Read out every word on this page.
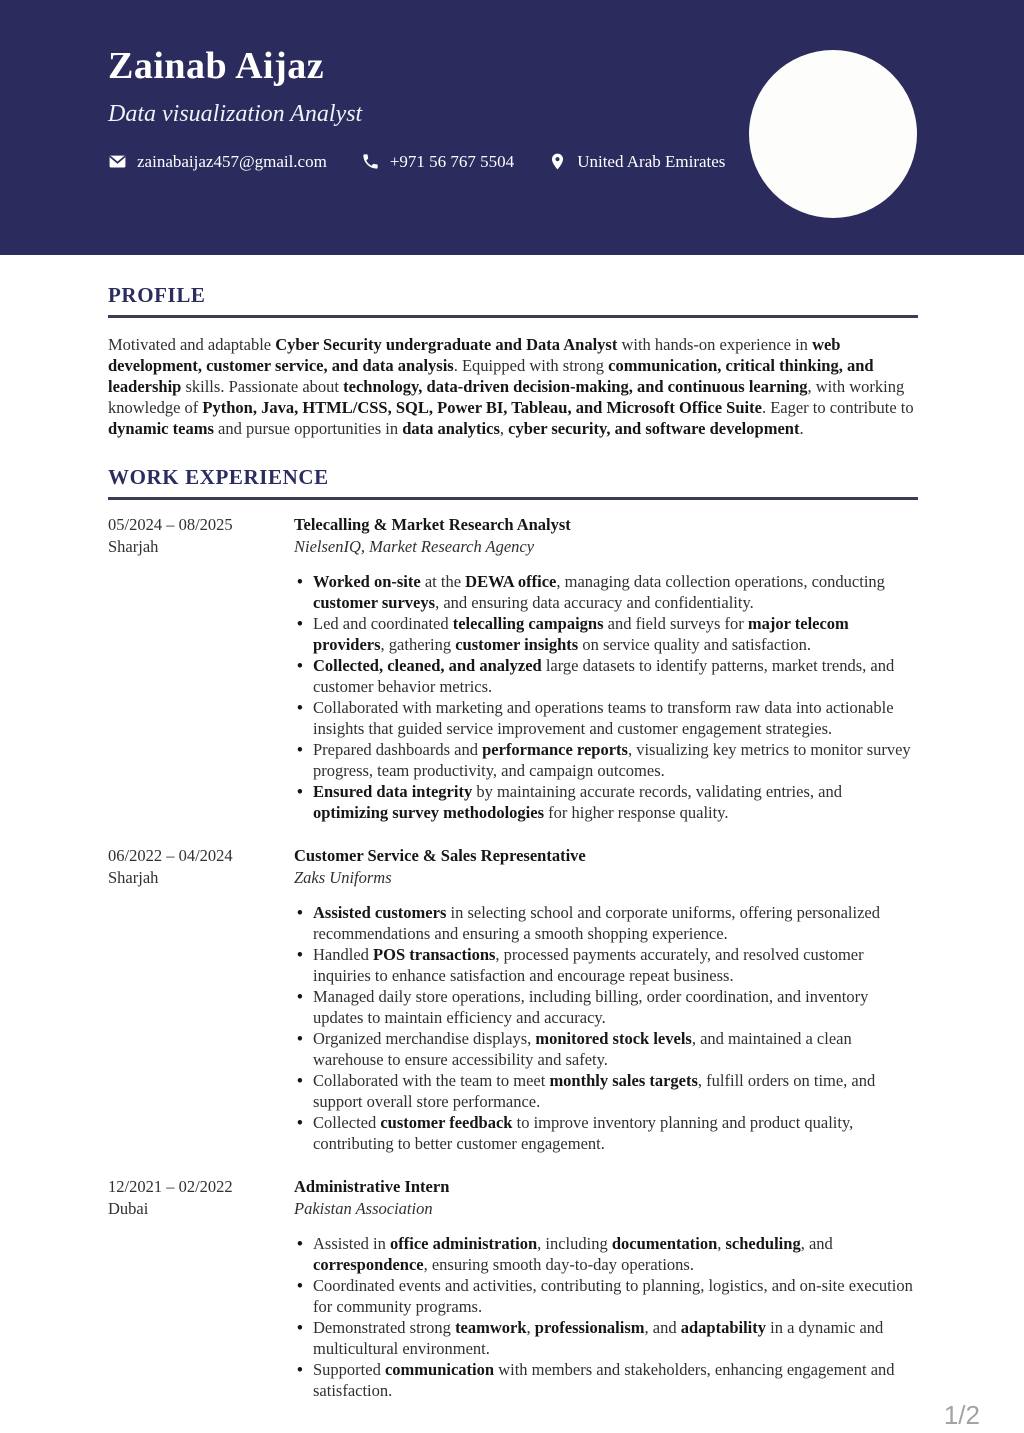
Zainab Aijaz
Data visualization Analyst
zainabaijaz457@gmail.com	+971 56 767 5504	United Arab Emirates
PROFILE

Motivated and adaptable Cyber Security undergraduate and Data Analyst with hands-on experience in web development, customer service, and data analysis. Equipped with strong communication, critical thinking, and leadership skills. Passionate about technology, data-driven decision-making, and continuous learning, with working knowledge of Python, Java, HTML/CSS, SQL, Power BI, Tableau, and Microsoft Office Suite. Eager to contribute to dynamic teams and pursue opportunities in data analytics, cyber security, and software development.

WORK EXPERIENCE
05/2024 – 08/2025
Sharjah
Telecalling & Market Research Analyst
NielsenIQ, Market Research Agency
• Worked on-site at the DEWA office, managing data collection operations, conducting customer surveys, and ensuring data accuracy and confidentiality.
• Led and coordinated telecalling campaigns and field surveys for major telecom providers, gathering customer insights on service quality and satisfaction.
• Collected, cleaned, and analyzed large datasets to identify patterns, market trends, and customer behavior metrics.
• Collaborated with marketing and operations teams to transform raw data into actionable insights that guided service improvement and customer engagement strategies.
• Prepared dashboards and performance reports, visualizing key metrics to monitor survey progress, team productivity, and campaign outcomes.
• Ensured data integrity by maintaining accurate records, validating entries, and optimizing survey methodologies for higher response quality.
06/2022 – 04/2024
Sharjah
Customer Service & Sales Representative
Zaks Uniforms
• Assisted customers in selecting school and corporate uniforms, offering personalized recommendations and ensuring a smooth shopping experience.
• Handled POS transactions, processed payments accurately, and resolved customer inquiries to enhance satisfaction and encourage repeat business.
• Managed daily store operations, including billing, order coordination, and inventory updates to maintain efficiency and accuracy.
• Organized merchandise displays, monitored stock levels, and maintained a clean warehouse to ensure accessibility and safety.
• Collaborated with the team to meet monthly sales targets, fulfill orders on time, and support overall store performance.
• Collected customer feedback to improve inventory planning and product quality, contributing to better customer engagement.
12/2021 – 02/2022
Dubai
Administrative Intern
Pakistan Association
• Assisted in office administration, including documentation, scheduling, and correspondence, ensuring smooth day-to-day operations.
• Coordinated events and activities, contributing to planning, logistics, and on-site execution for community programs.
• Demonstrated strong teamwork, professionalism, and adaptability in a dynamic and multicultural environment.
• Supported communication with members and stakeholders, enhancing engagement and satisfaction.
1/2
